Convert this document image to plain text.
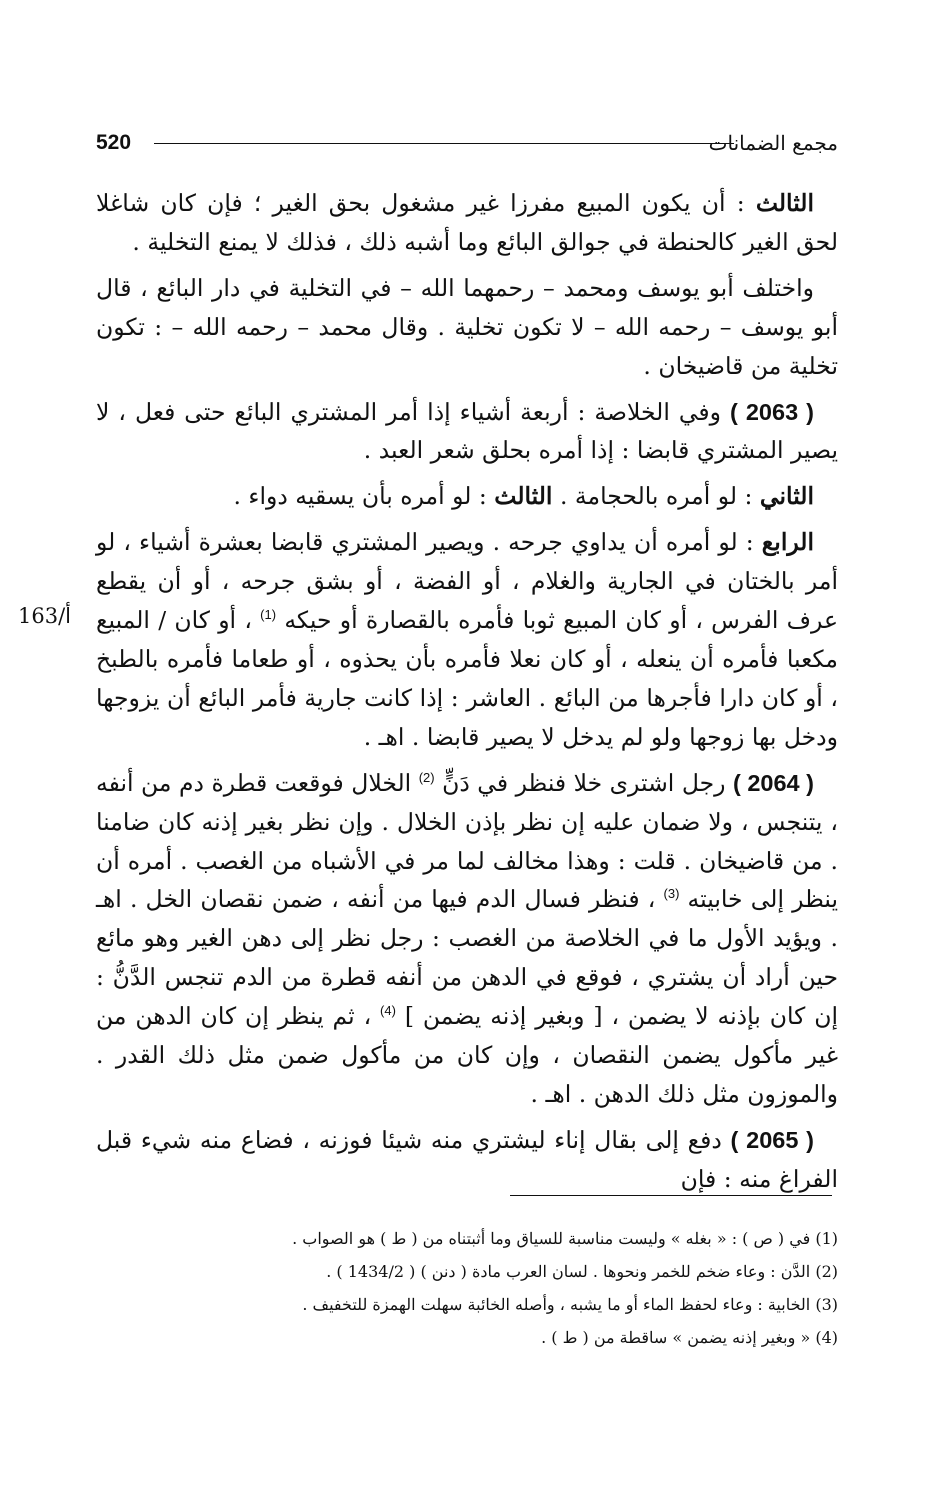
520	مجمع الضمانات
163/أ

الثالث : أن يكون المبيع مفرزا غير مشغول بحق الغير ؛ فإن كان شاغلا لحق الغير كالحنطة في جوالق البائع وما أشبه ذلك ، فذلك لا يمنع التخلية .

واختلف أبو يوسف ومحمد – رحمهما الله – في التخلية في دار البائع ، قال أبو يوسف – رحمه الله – لا تكون تخلية . وقال محمد – رحمه الله – : تكون تخلية من قاضيخان .

( 2063 ) وفي الخلاصة : أربعة أشياء إذا أمر المشتري البائع حتى فعل ، لا يصير المشتري قابضا : إذا أمره بحلق شعر العبد .

الثاني : لو أمره بالحجامة . الثالث : لو أمره بأن يسقيه دواء .

الرابع : لو أمره أن يداوي جرحه . ويصير المشتري قابضا بعشرة أشياء ، لو أمر بالختان في الجارية والغلام ، أو الفضة ، أو بشق جرحه ، أو أن يقطع عرف الفرس ، أو كان المبيع ثوبا فأمره بالقصارة أو حيكه $^{(1)}$ ، أو كان / المبيع مكعبا فأمره أن ينعله ، أو كان نعلا فأمره بأن يحذوه ، أو طعاما فأمره بالطبخ ، أو كان دارا فأجرها من البائع . العاشر : إذا كانت جارية فأمر البائع أن يزوجها ودخل بها زوجها ولو لم يدخل لا يصير قابضا . اهـ .

( 2064 ) رجل اشترى خلا فنظر في دَنٍّ $^{(2)}$ الخلال فوقعت قطرة دم من أنفه ، يتنجس ، ولا ضمان عليه إن نظر بإذن الخلال . وإن نظر بغير إذنه كان ضامنا . من قاضيخان . قلت : وهذا مخالف لما مر في الأشباه من الغصب . أمره أن ينظر إلى خابيته $^{(3)}$ ، فنظر فسال الدم فيها من أنفه ، ضمن نقصان الخل . اهـ . ويؤيد الأول ما في الخلاصة من الغصب : رجل نظر إلى دهن الغير وهو مائع حين أراد أن يشتري ، فوقع في الدهن من أنفه قطرة من الدم تنجس الدَّنُّ : إن كان بإذنه لا يضمن ، [ وبغير إذنه يضمن ] $^{(4)}$ ، ثم ينظر إن كان الدهن من غير مأكول يضمن النقصان ، وإن كان من مأكول ضمن مثل ذلك القدر . والموزون مثل ذلك الدهن . اهـ .

( 2065 ) دفع إلى بقال إناء ليشتري منه شيئا فوزنه ، فضاع منه شيء قبل الفراغ منه : فإن

(1) في ( ص ) : « بغله » وليست مناسبة للسياق وما أثبتناه من ( ط ) هو الصواب .

(2) الدَّن : وعاء ضخم للخمر ونحوها . لسان العرب مادة ( دنن ) ( 1434/2 ) .

(3) الخابية : وعاء لحفظ الماء أو ما يشبه ، وأصله الخائبة سهلت الهمزة للتخفيف .

(4) « وبغير إذنه يضمن » ساقطة من ( ط ) .
